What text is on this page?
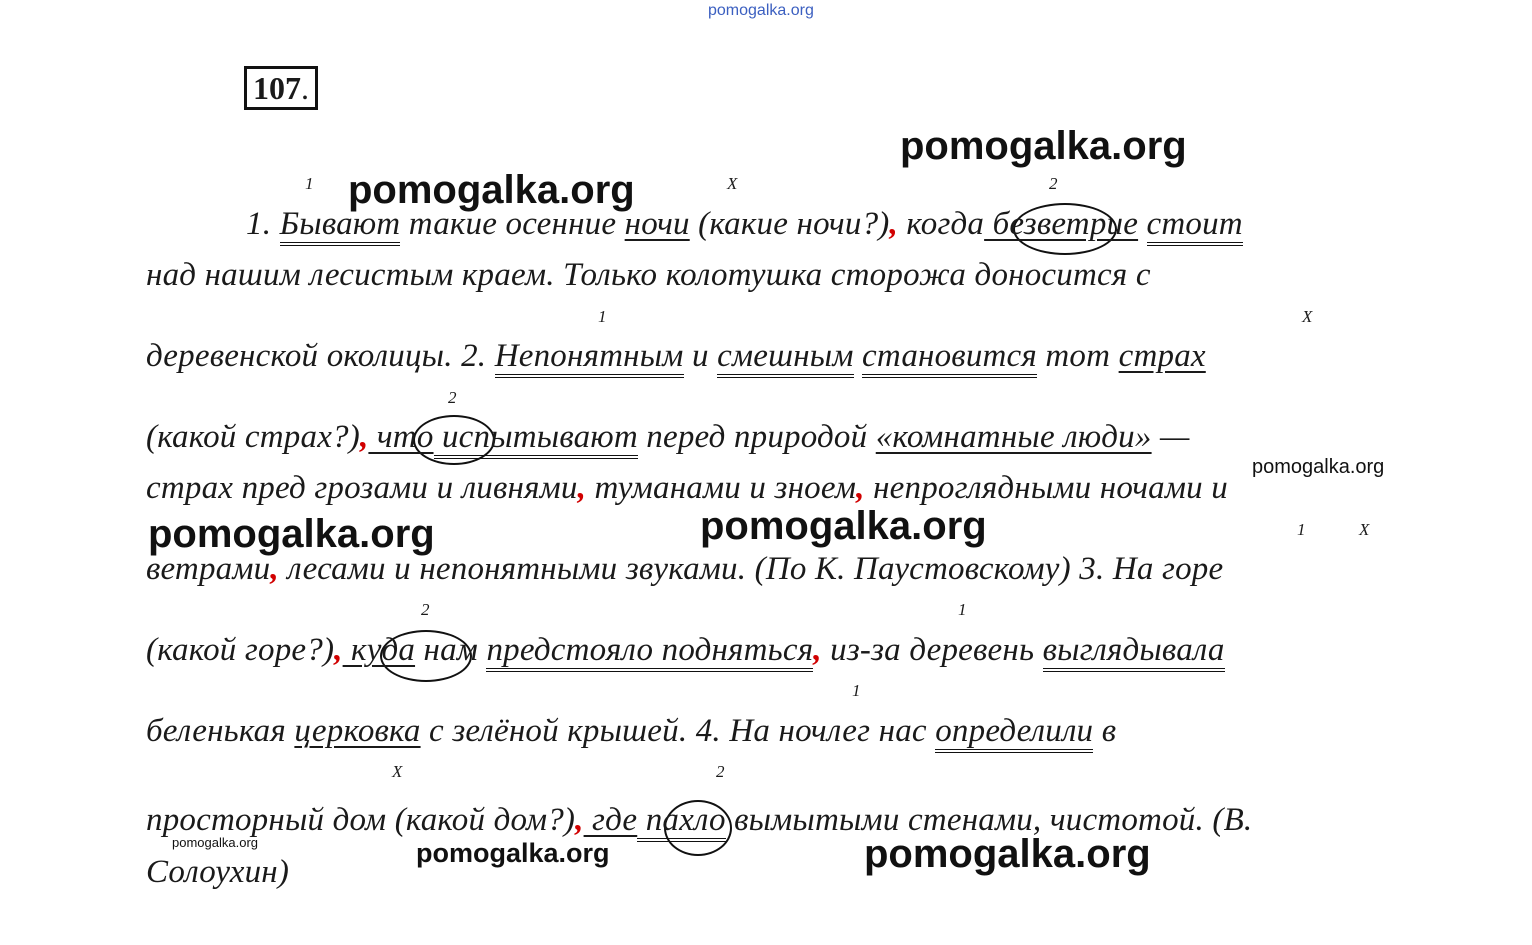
pomogalka.org
107.
pomogalka.org
pomogalka.org
pomogalka.org	pomogalka.org
pomogalka.org
pomogalka.org
pomogalka.org
pomogalka.org
1	X	2
1	X
2
1	X
2	1
1
X	2
1. Бывают такие осенние ночи (какие ночи?), когда безветрие стоит
над нашим лесистым краем. Только колотушка сторожа доносится с
деревенской околицы. 2. Непонятным и смешным становится тот страх
(какой страх?), что испытывают перед природой «комнатные люди» —
страх пред грозами и ливнями, туманами и зноем, непроглядными ночами и
ветрами, лесами и непонятными звуками. (По К. Паустовскому) 3. На горе
(какой горе?), куда нам предстояло подняться, из-за деревень выглядывала
беленькая церковка с зелёной крышей. 4. На ночлег нас определили в
просторный дом (какой дом?), где пахло вымытыми стенами, чистотой. (В.
Солоухин)
